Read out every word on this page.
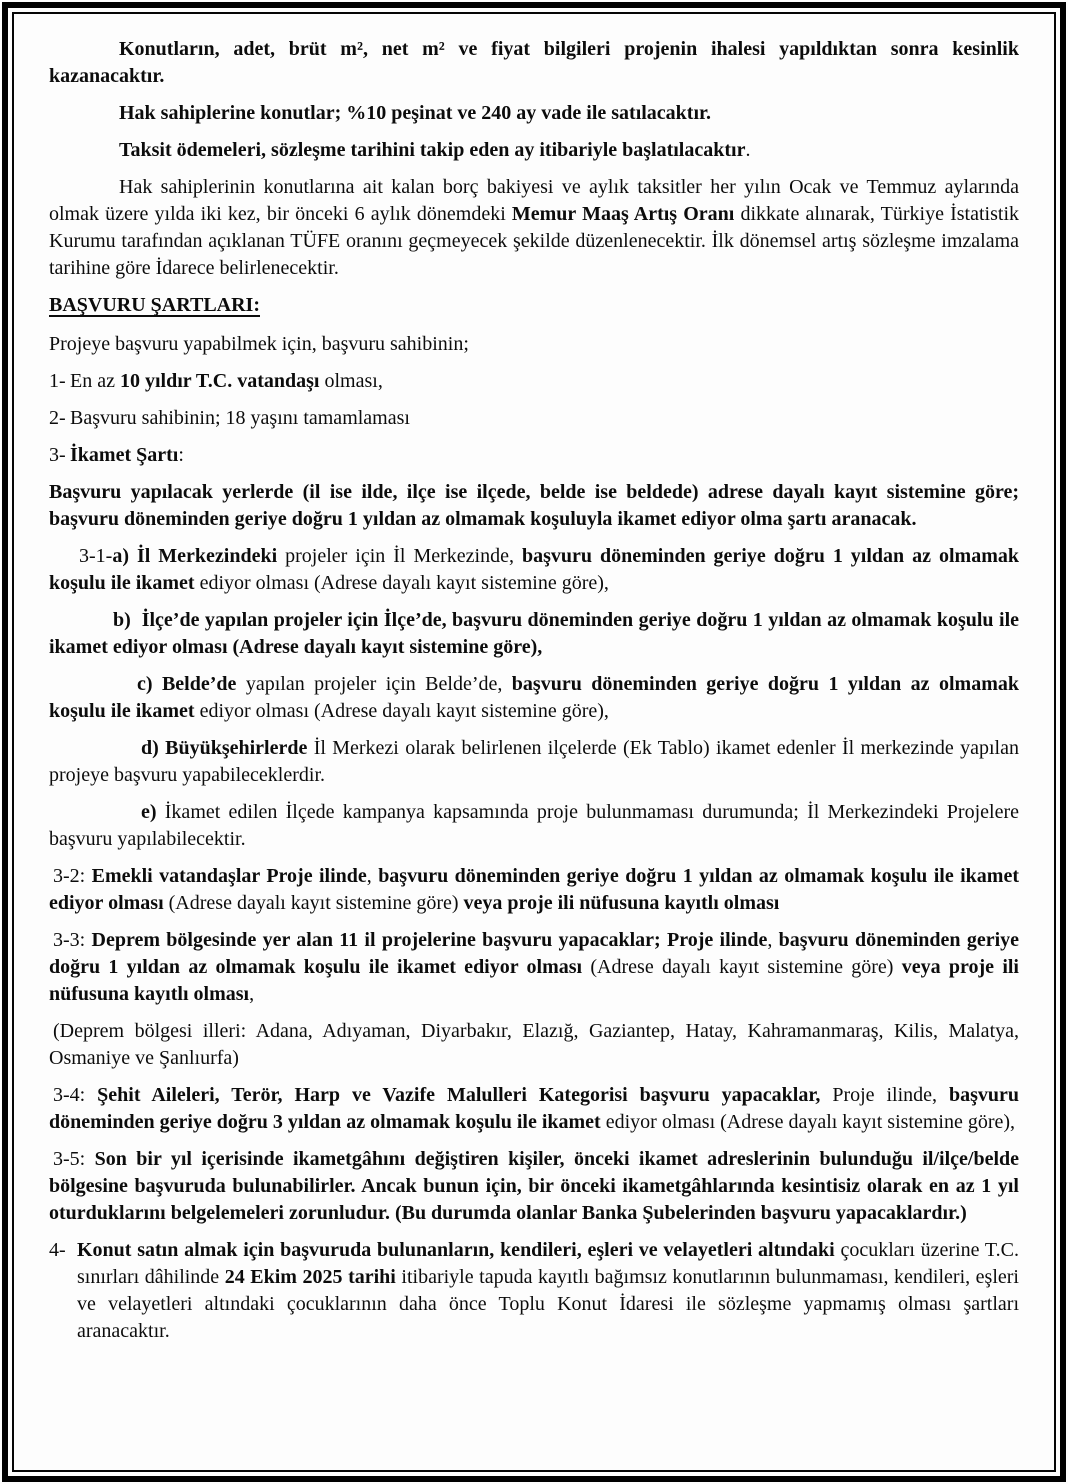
Konutların, adet, brüt m², net m² ve fiyat bilgileri projenin ihalesi yapıldıktan sonra kesinlik kazanacaktır.

Hak sahiplerine konutlar; %10 peşinat ve 240 ay vade ile satılacaktır.

Taksit ödemeleri, sözleşme tarihini takip eden ay itibariyle başlatılacaktır.

Hak sahiplerinin konutlarına ait kalan borç bakiyesi ve aylık taksitler her yılın Ocak ve Temmuz aylarında olmak üzere yılda iki kez, bir önceki 6 aylık dönemdeki Memur Maaş Artış Oranı dikkate alınarak, Türkiye İstatistik Kurumu tarafından açıklanan TÜFE oranını geçmeyecek şekilde düzenlenecektir. İlk dönemsel artış sözleşme imzalama tarihine göre İdarece belirlenecektir.

BAŞVURU ŞARTLARI:

Projeye başvuru yapabilmek için, başvuru sahibinin;

1- En az 10 yıldır T.C. vatandaşı olması,

2- Başvuru sahibinin; 18 yaşını tamamlaması

3- İkamet Şartı:

Başvuru yapılacak yerlerde (il ise ilde, ilçe ise ilçede, belde ise beldede) adrese dayalı kayıt sistemine göre; başvuru döneminden geriye doğru 1 yıldan az olmamak koşuluyla ikamet ediyor olma şartı aranacak.

3-1-a) İl Merkezindeki projeler için İl Merkezinde, başvuru döneminden geriye doğru 1 yıldan az olmamak koşulu ile ikamet ediyor olması (Adrese dayalı kayıt sistemine göre),

b)  İlçe’de yapılan projeler için İlçe’de, başvuru döneminden geriye doğru 1 yıldan az olmamak koşulu ile ikamet ediyor olması (Adrese dayalı kayıt sistemine göre),

c) Belde’de yapılan projeler için Belde’de, başvuru döneminden geriye doğru 1 yıldan az olmamak koşulu ile ikamet ediyor olması (Adrese dayalı kayıt sistemine göre),

d) Büyükşehirlerde İl Merkezi olarak belirlenen ilçelerde (Ek Tablo) ikamet edenler İl merkezinde yapılan projeye başvuru yapabileceklerdir.

e) İkamet edilen İlçede kampanya kapsamında proje bulunmaması durumunda; İl Merkezindeki Projelere başvuru yapılabilecektir.

3-2: Emekli vatandaşlar Proje ilinde, başvuru döneminden geriye doğru 1 yıldan az olmamak koşulu ile ikamet ediyor olması (Adrese dayalı kayıt sistemine göre) veya proje ili nüfusuna kayıtlı olması

3-3: Deprem bölgesinde yer alan 11 il projelerine başvuru yapacaklar; Proje ilinde, başvuru döneminden geriye doğru 1 yıldan az olmamak koşulu ile ikamet ediyor olması (Adrese dayalı kayıt sistemine göre) veya proje ili nüfusuna kayıtlı olması,

(Deprem bölgesi illeri: Adana, Adıyaman, Diyarbakır, Elazığ, Gaziantep, Hatay, Kahramanmaraş, Kilis, Malatya, Osmaniye ve Şanlıurfa)

3-4: Şehit Aileleri, Terör, Harp ve Vazife Malulleri Kategorisi başvuru yapacaklar, Proje ilinde, başvuru döneminden geriye doğru 3 yıldan az olmamak koşulu ile ikamet ediyor olması (Adrese dayalı kayıt sistemine göre),

3-5: Son bir yıl içerisinde ikametgâhını değiştiren kişiler, önceki ikamet adreslerinin bulunduğu il/ilçe/belde bölgesine başvuruda bulunabilirler. Ancak bunun için, bir önceki ikametgâhlarında kesintisiz olarak en az 1 yıl oturduklarını belgelemeleri zorunludur. (Bu durumda olanlar Banka Şubelerinden başvuru yapacaklardır.)

4- Konut satın almak için başvuruda bulunanların, kendileri, eşleri ve velayetleri altındaki çocukları üzerine T.C. sınırları dâhilinde 24 Ekim 2025 tarihi itibariyle tapuda kayıtlı bağımsız konutlarının bulunmaması, kendileri, eşleri ve velayetleri altındaki çocuklarının daha önce Toplu Konut İdaresi ile sözleşme yapmamış olması şartları aranacaktır.
